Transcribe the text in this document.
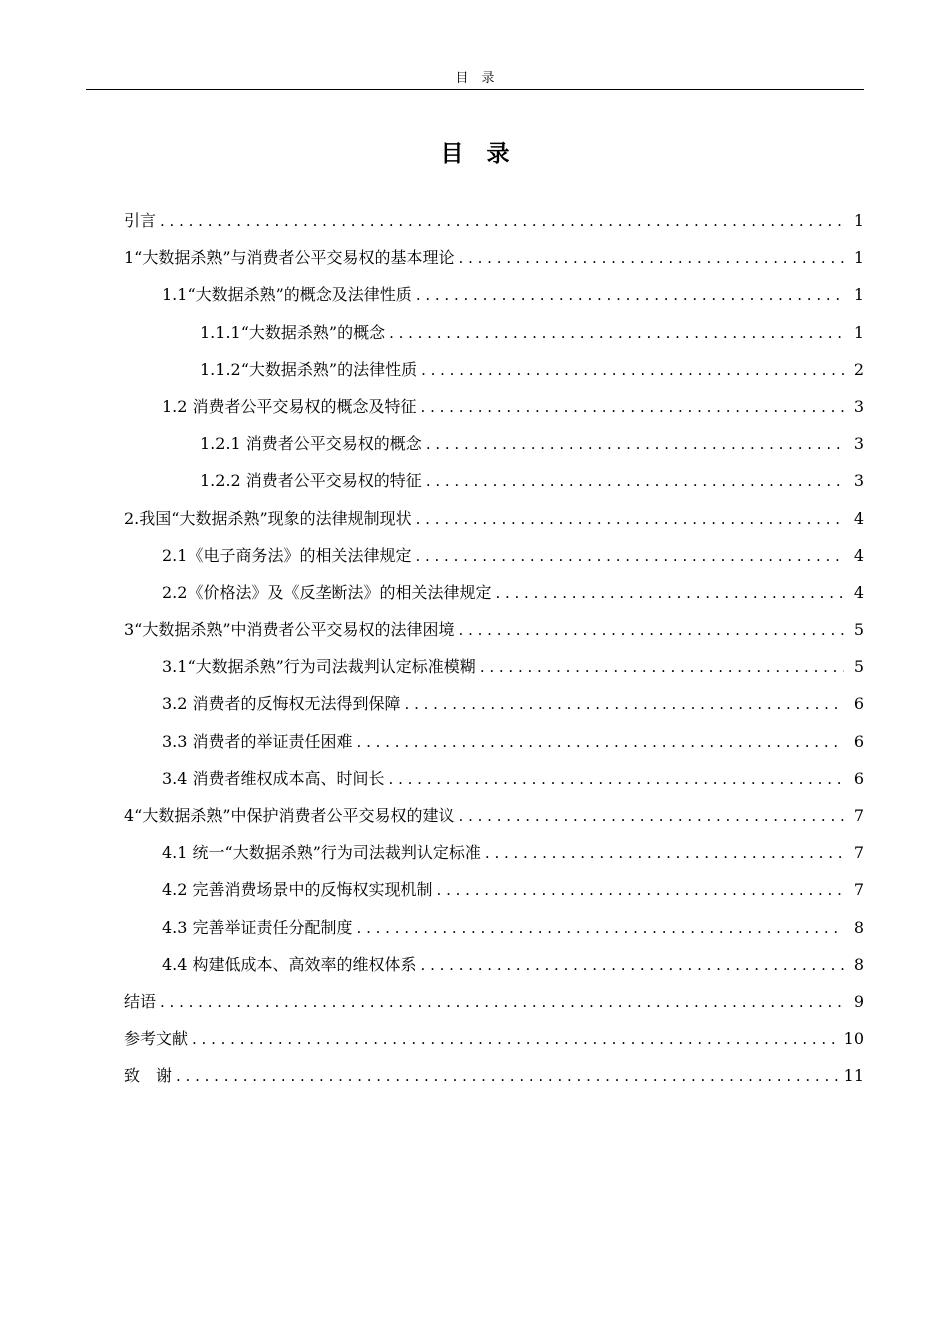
目　录
目　录
引言 . . .	1
1“大数据杀熟”与消费者公平交易权的基本理论 . . .	1
1.1“大数据杀熟”的概念及法律性质 . . .	1
1.1.1“大数据杀熟”的概念 . . .	1
1.1.2“大数据杀熟”的法律性质 . . .	2
1.2 消费者公平交易权的概念及特征 . . .	3
1.2.1 消费者公平交易权的概念 . . .	3
1.2.2 消费者公平交易权的特征 . . .	3
2.我国“大数据杀熟”现象的法律规制现状 . . .	4
2.1《电子商务法》的相关法律规定 . . .	4
2.2《价格法》及《反垄断法》的相关法律规定 . . .	4
3“大数据杀熟”中消费者公平交易权的法律困境 . . .	5
3.1“大数据杀熟”行为司法裁判认定标准模糊 . . .	5
3.2 消费者的反悔权无法得到保障 . . .	6
3.3 消费者的举证责任困难 . . .	6
3.4 消费者维权成本高、时间长 . . .	6
4“大数据杀熟”中保护消费者公平交易权的建议 . . .	7
4.1 统一“大数据杀熟”行为司法裁判认定标准 . . .	7
4.2 完善消费场景中的反悔权实现机制 . . .	7
4.3 完善举证责任分配制度 . . .	8
4.4 构建低成本、高效率的维权体系 . . .	8
结语 . . .	9
参考文献 . . .	10
致　谢 . . .	11
